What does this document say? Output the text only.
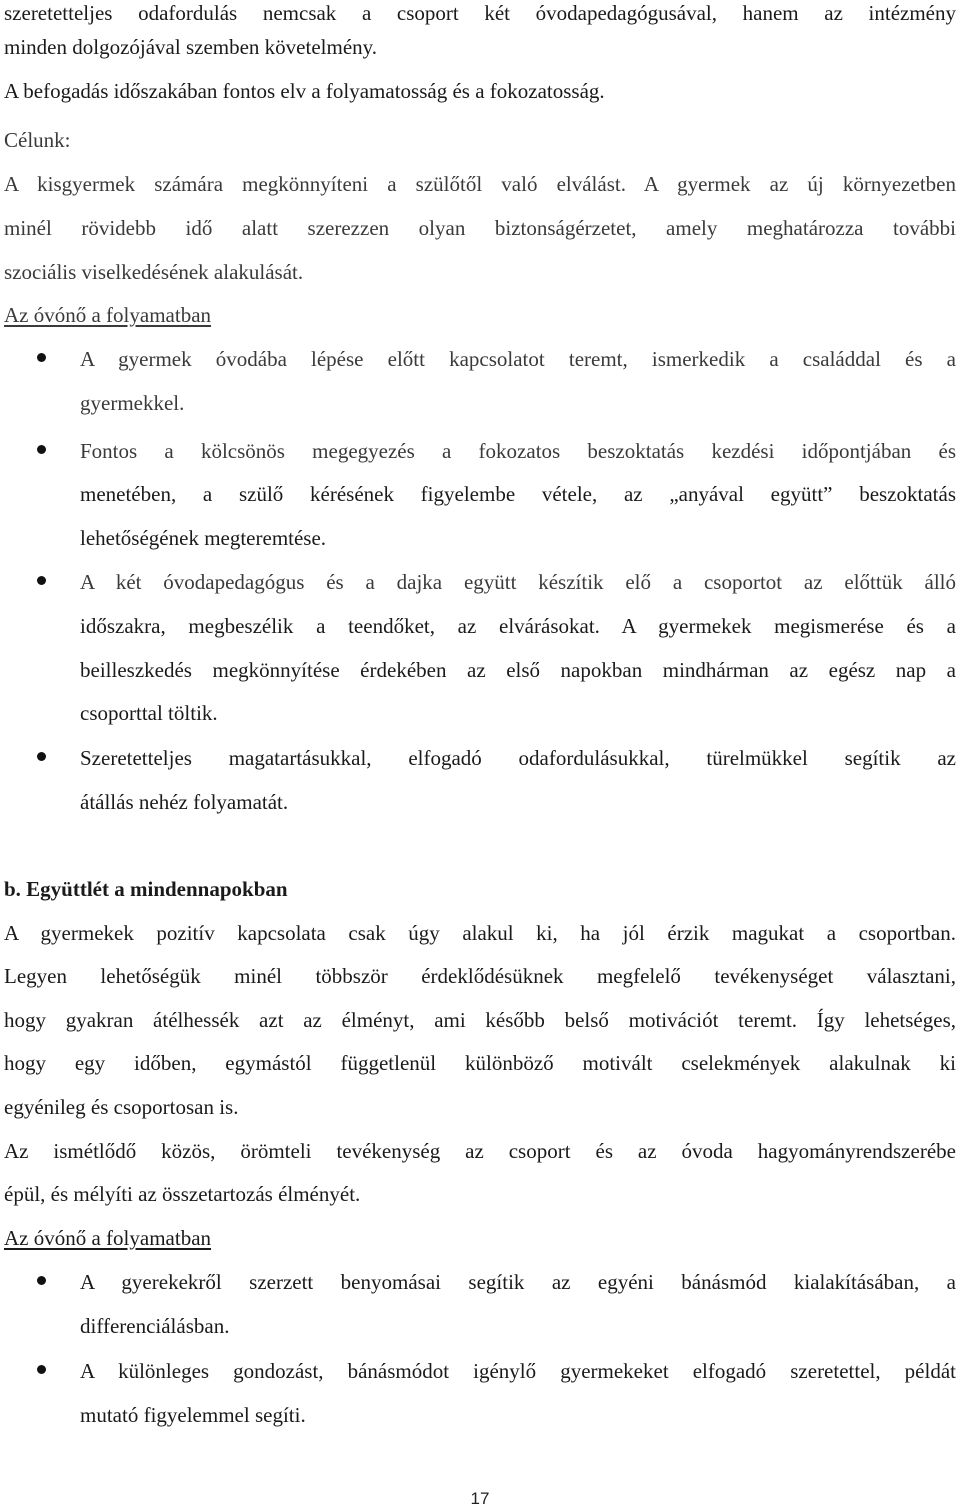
szeretetteljes odafordulás nemcsak a csoport két óvodapedagógusával, hanem az intézmény
minden dolgozójával szemben követelmény.
A befogadás időszakában fontos elv a folyamatosság és a fokozatosság.
Célunk:
A kisgyermek számára megkönnyíteni a szülőtől való elválást. A gyermek az új környezetben
minél rövidebb idő alatt szerezzen olyan biztonságérzetet, amely meghatározza további
szociális viselkedésének alakulását.
Az óvónő a folyamatban
A gyermek óvodába lépése előtt kapcsolatot teremt, ismerkedik a családdal és a
gyermekkel.
Fontos a kölcsönös megegyezés a fokozatos beszoktatás kezdési időpontjában és
menetében, a szülő kérésének figyelembe vétele, az „anyával együtt” beszoktatás
lehetőségének megteremtése.
A két óvodapedagógus és a dajka együtt készítik elő a csoportot az előttük álló
időszakra, megbeszélik a teendőket, az elvárásokat. A gyermekek megismerése és a
beilleszkedés megkönnyítése érdekében az első napokban mindhárman az egész nap a
csoporttal töltik.
Szeretetteljes magatartásukkal, elfogadó odafordulásukkal, türelmükkel segítik az
átállás nehéz folyamatát.
b. Együttlét a mindennapokban
A gyermekek pozitív kapcsolata csak úgy alakul ki, ha jól érzik magukat a csoportban.
Legyen lehetőségük minél többször érdeklődésüknek megfelelő tevékenységet választani,
hogy gyakran átélhessék azt az élményt, ami később belső motivációt teremt. Így lehetséges,
hogy egy időben, egymástól függetlenül különböző motivált cselekmények alakulnak ki
egyénileg és csoportosan is.
Az ismétlődő közös, örömteli tevékenység az csoport és az óvoda hagyományrendszerébe
épül, és mélyíti az összetartozás élményét.
Az óvónő a folyamatban
A gyerekekről szerzett benyomásai segítik az egyéni bánásmód kialakításában, a
differenciálásban.
A különleges gondozást, bánásmódot igénylő gyermekeket elfogadó szeretettel, példát
mutató figyelemmel segíti.
17
